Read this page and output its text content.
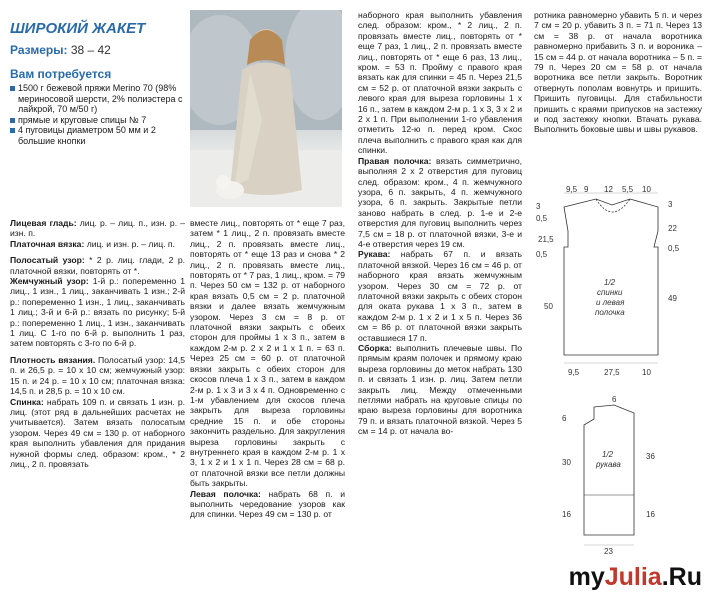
ШИРОКИЙ ЖАКЕТ

Размеры: 38 – 42
Вам потребуется
1500 г бежевой пряжи Merino 70 (98% мериносовой шерсти, 2% полиэстера с лайкрой, 70 м/50 г)
прямые и круговые спицы № 7
4 пуговицы диаметром 50 мм и 2 большие кнопки

Лицевая гладь: лиц. р. – лиц. п., изн. р. – изн. п.

Платочная вязка: лиц. и изн. р. – лиц. п.

Полосатый узор: * 2 р. лиц. глади, 2 р. платочной вязки, повторять от *.

Жемчужный узор: 1-й р.: попеременно 1 лиц., 1 изн., 1 лиц., заканчивать 1 изн.; 2-й р.: попеременно 1 изн., 1 лиц., заканчивать 1 лиц.; 3-й и 6-й р.: вязать по рисунку; 5-й р.: попеременно 1 лиц., 1 изн., заканчивать 1 лиц. С 1-го по 6-й р. выполнить 1 раз, затем повторять с 3-го по 6-й р.

Плотность вязания. Полосатый узор: 14,5 п. и 26,5 р. = 10 х 10 см; жемчужный узор: 15 п. и 24 р. = 10 х 10 см; платочная вязка: 14,5 п. и 28,5 р. = 10 х 10 см.

Спинка: набрать 109 п. и связать 1 изн. р. лиц. (этот ряд в дальнейших расчетах не учитывается). Затем вязать полосатым узором. Через 49 см = 130 р. от наборного края выполнить убавления для придания нужной формы след. образом: кром., * 2 лиц., 2 п. провязать

вместе лиц., повторять от * еще 7 раз, затем * 1 лиц., 2 п. провязать вместе лиц., 2 п. провязать вместе лиц., повторять от * еще 13 раз и снова * 2 лиц., 2 п. провязать вместе лиц., повторять от * 7 раз, 1 лиц., кром. = 79 п. Через 50 см = 132 р. от наборного края вязать 0,5 см = 2 р. платочной вязки и далее вязать жемчужным узором. Через 3 см = 8 р. от платочной вязки закрыть с обеих сторон для проймы 1 х 3 п., затем в каждом 2-м р. 2 х 2 и 1 х 1 п. = 63 п. Через 25 см = 60 р. от платочной вязки закрыть с обеих сторон для скосов плеча 1 х 3 п., затем в каждом 2-м р. 1 х 3 и 3 х 4 п. Одновременно с 1-м убавлением для скосов плеча закрыть для выреза горловины средние 15 п. и обе стороны закончить раздельно. Для закругления выреза горловины закрыть с внутреннего края в каждом 2-м р. 1 х 3, 1 х 2 и 1 х 1 п. Через 28 см = 68 р. от платочной вязки все петли должны быть закрыты.

Левая полочка: набрать 68 п. и выполнить чередование узоров как для спинки. Через 49 см = 130 р. от

наборного края выполнить убавления след. образом: кром., * 2 лиц., 2 п. провязать вместе лиц., повторять от * еще 7 раз, 1 лиц., 2 п. провязать вместе лиц., повторять от * еще 6 раз, 13 лиц., кром. = 53 п. Пройму с правого края вязать как для спинки = 45 п. Через 21,5 см = 52 р. от платочной вязки закрыть с левого края для выреза горловины 1 х 16 п., затем в каждом 2-м р. 1 х 3, 3 х 2 и 2 х 1 п. При выполнении 1-го убавления отметить 12-ю п. перед кром. Скос плеча выполнить с правого края как для спинки.

Правая полочка: вязать симметрично, выполняя 2 х 2 отверстия для пуговиц след. образом: кром., 4 п. жемчужного узора, 6 п. закрыть, 4 п. жемчужного узора, 6 п. закрыть. Закрытые петли заново набрать в след. р. 1-е и 2-е отверстия для пуговиц выполнить через 7,5 см = 18 р. от платочной вязки, 3-е и 4-е отверстия через 19 см.

Рукава: набрать 67 п. и вязать платочной вязкой. Через 16 см = 46 р. от наборного края вязать жемчужным узором. Через 30 см = 72 р. от платочной вязки закрыть с обеих сторон для оката рукава 1 х 3 п., затем в каждом 2-м р. 1 х 2 и 1 х 5 п. Через 36 см = 86 р. от платочной вязки закрыть оставшиеся 17 п.

Сборка: выполнить плечевые швы. По прямым краям полочек и прямому краю выреза горловины до меток набрать 130 п. и связать 1 изн. р. лиц. Затем петли закрыть лиц. Между отмеченными петлями набрать на круговые спицы по краю выреза горловины для воротника 79 п. и вязать платочной вязкой. Через 5 см = 14 р. от начала во-

ротника равномерно убавить 5 п. и через 7 см = 20 р. убавить 3 п. = 71 п. Через 13 см = 38 р. от начала воротника равномерно прибавить 3 п. и вороника – 15 см = 44 р. от начала воротника – 5 п. = 79 п. Через 20 см = 58 р. от начала воротника все петли закрыть. Воротник отвернуть пополам вовнутрь и пришить. Пришить пуговицы. Для стабильности пришить с краями припусков на застежку и под застежку кнопки. Втачать рукава. Выполнить боковые швы и швы рукавов.

9,5 9 12 5,5 10
3
0,5
21,5
0,5
50
3
22
0,5
49
1/2
спинки
и левая
полочка
9,5	27,5	10
6
30
16
6
36
16
1/2
рукава
23
myJulia.Ru
